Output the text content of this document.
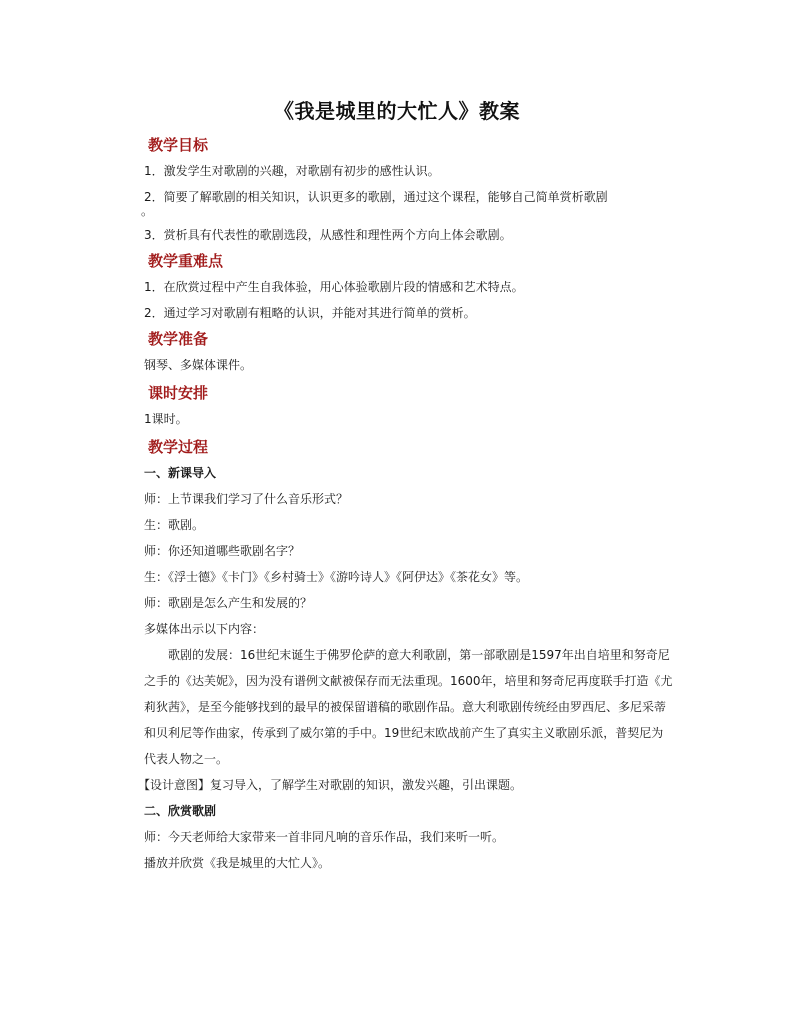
《我是城里的大忙人》教案
教学目标
1．激发学生对歌剧的兴趣，对歌剧有初步的感性认识。
2．简要了解歌剧的相关知识，认识更多的歌剧，通过这个课程，能够自己简单赏析歌剧
。
3．赏析具有代表性的歌剧选段，从感性和理性两个方向上体会歌剧。
教学重难点
1．在欣赏过程中产生自我体验，用心体验歌剧片段的情感和艺术特点。
2．通过学习对歌剧有粗略的认识，并能对其进行简单的赏析。
教学准备
钢琴、多媒体课件。
课时安排
1课时。
教学过程
一、新课导入
师：上节课我们学习了什么音乐形式？
生：歌剧。
师：你还知道哪些歌剧名字？
生：《浮士德》《卡门》《乡村骑士》《游吟诗人》《阿伊达》《茶花女》等。
师：歌剧是怎么产生和发展的？
多媒体出示以下内容：
歌剧的发展：16世纪末诞生于佛罗伦萨的意大利歌剧，第一部歌剧是1597年出自培里和努奇尼之手的《达芙妮》，因为没有谱例文献被保存而无法重现。1600年，培里和努奇尼再度联手打造《尤莉狄茜》，是至今能够找到的最早的被保留谱稿的歌剧作品。意大利歌剧传统经由罗西尼、多尼采蒂和贝利尼等作曲家，传承到了威尔第的手中。19世纪末欧战前产生了真实主义歌剧乐派，普契尼为代表人物之一。
【设计意图】复习导入，了解学生对歌剧的知识，激发兴趣，引出课题。
二、欣赏歌剧
师：今天老师给大家带来一首非同凡响的音乐作品，我们来听一听。
播放并欣赏《我是城里的大忙人》。
